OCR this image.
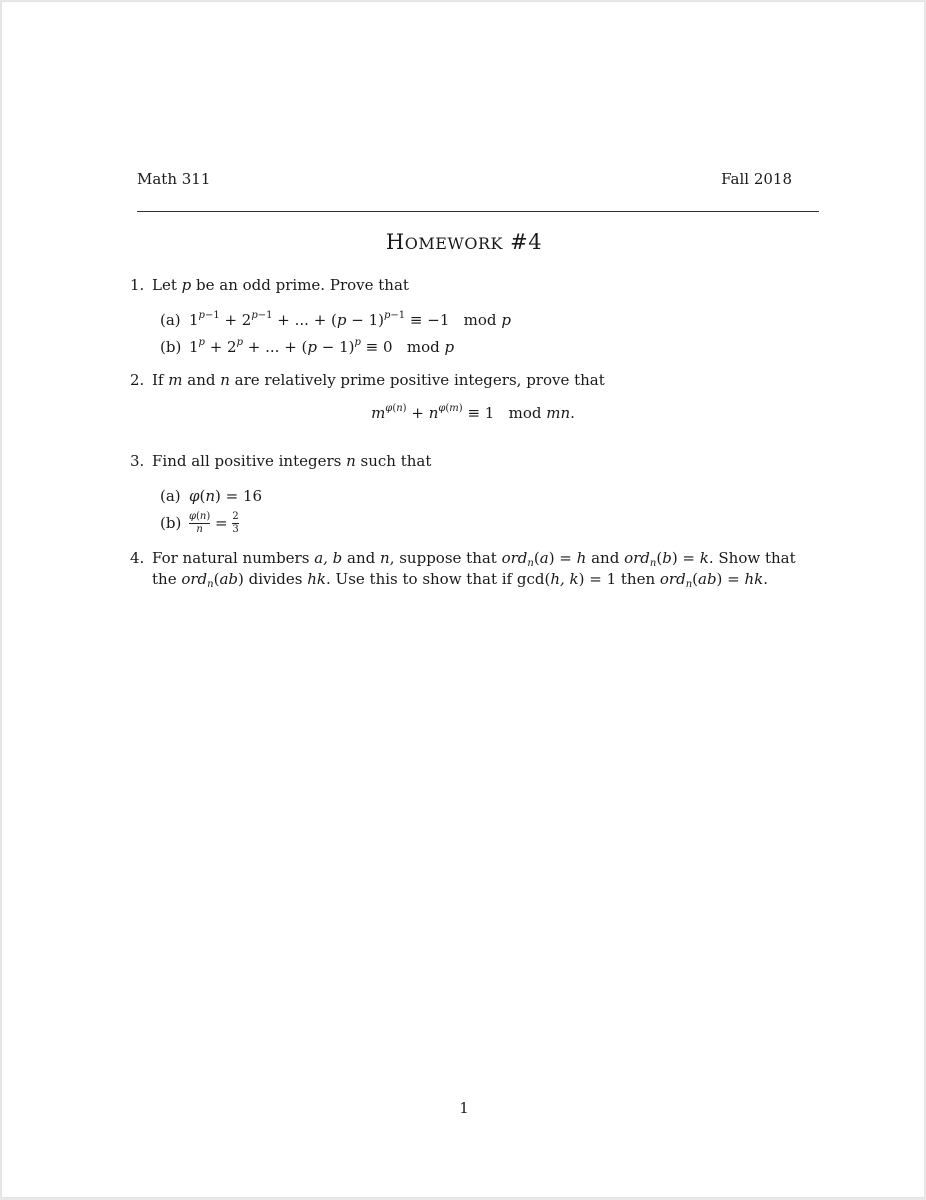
Math 311	Fall 2018
HOMEWORK #4
1. Let p be an odd prime. Prove that
(a) $1^{p-1} + 2^{p-1}$ + ... + $(p - 1)^{p-1} \equiv -1$   mod p
(b) $1^p + 2^p$ + ... + $(p - 1)^p \equiv 0$   mod p
2. If m and n are relatively prime positive integers, prove that
$m^{\varphi(n)} + n^{\varphi(m)} \equiv 1$   mod mn.
3. Find all positive integers n such that
(a) φ(n) = 16
$(b) \frac{\varphi(n)}{n} = \frac{2}{3}$
4. For natural numbers a, b and n, suppose that ord$_n$(a) = h and ord$_n$(b) = k. Show that
the ord$_n$(ab) divides hk. Use this to show that if gcd(h, k) = 1 then ord$_n$(ab) = hk.
1
